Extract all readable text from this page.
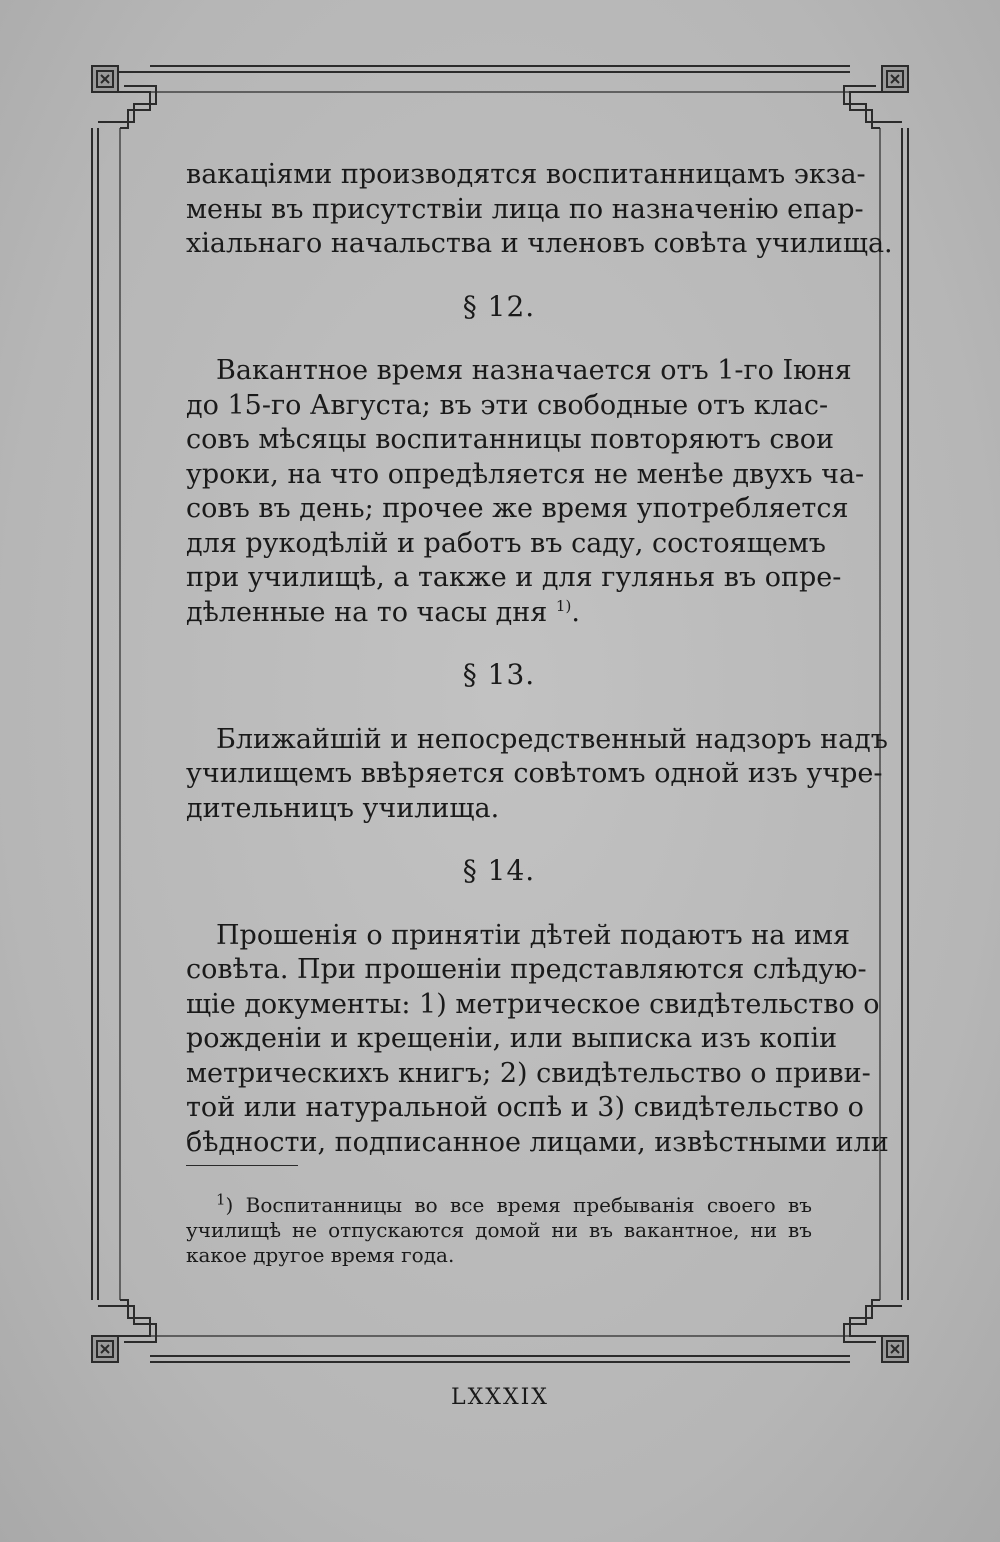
вакаціями производятся воспитанницамъ экза-
мены въ присутствіи лица по назначенію епар-
хіальнаго начальства и членовъ совѣта училища.
§ 12.
Вакантное время назначается отъ 1-го Іюня
до 15-го Августа; въ эти свободные отъ клас-
совъ мѣсяцы воспитанницы повторяютъ свои
уроки, на что опредѣляется не менѣе двухъ ча-
совъ въ день; прочее же время употребляется
для рукодѣлій и работъ въ саду, состоящемъ
при училищѣ, а также и для гулянья въ опре-
дѣленные на то часы дня $^{1)}$.
§ 13.
Ближайшій и непосредственный надзоръ надъ
училищемъ ввѣряется совѣтомъ одной изъ учре-
дительницъ училища.
§ 14.
Прошенія о принятіи дѣтей подаютъ на имя
совѣта. При прошеніи представляются слѣдую-
щіе документы: 1) метрическое свидѣтельство о
рожденіи и крещеніи, или выписка изъ копіи
метрическихъ книгъ; 2) свидѣтельство о приви-
той или натуральной оспѣ и 3) свидѣтельство о
бѣдности, подписанное лицами, извѣстными или
$^1$) Воспитанницы во все время пребыванія своего въ
училищѣ не отпускаются домой ни въ вакантное, ни въ
какое другое время года.
LXXXIX
